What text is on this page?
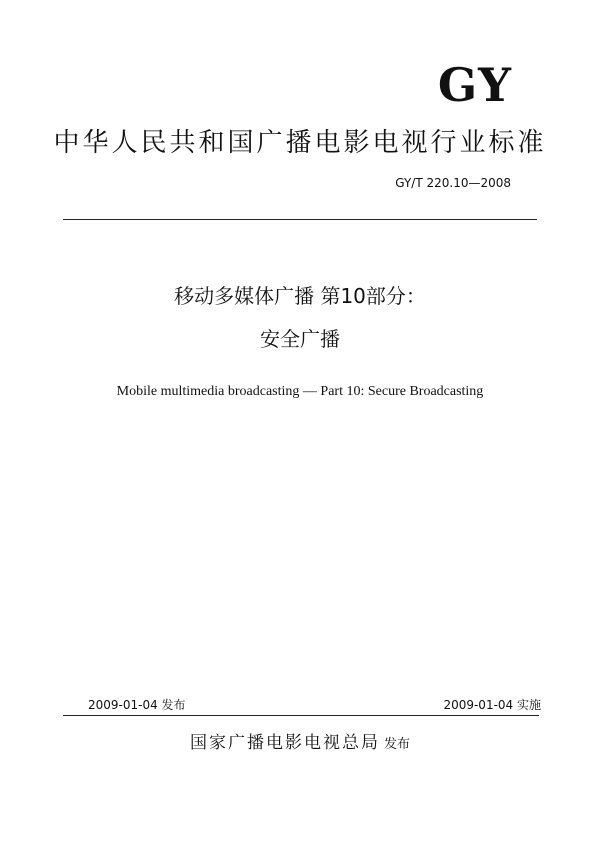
GY
中华人民共和国广播电影电视行业标准
GY/T 220.10—2008
移动多媒体广播 第10部分：
安全广播
Mobile multimedia broadcasting — Part 10: Secure Broadcasting
2009-01-04 发布	2009-01-04 实施
国家广播电影电视总局 发布
